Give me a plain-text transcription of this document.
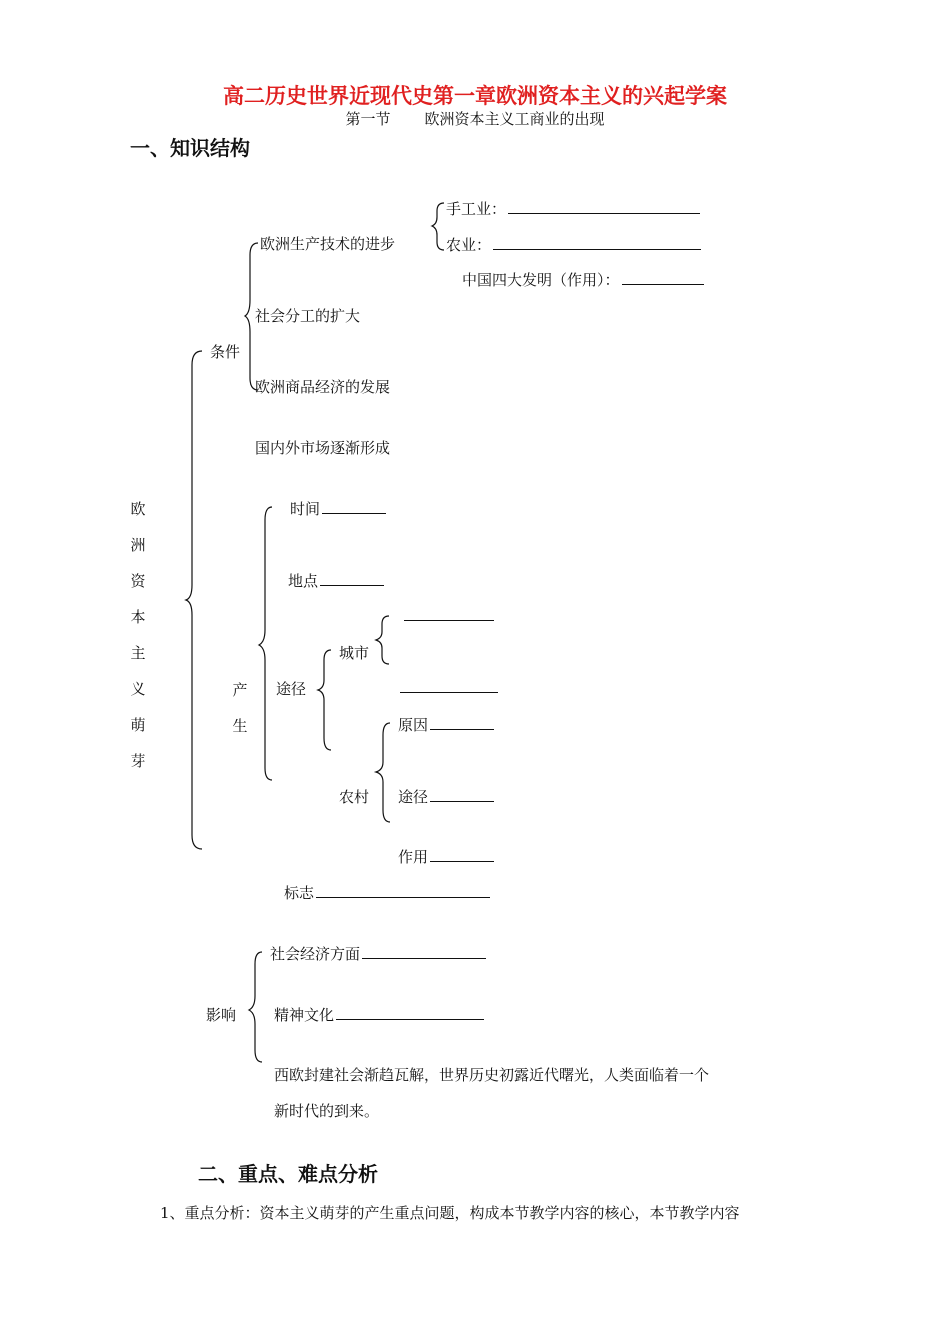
高二历史世界近现代史第一章欧洲资本主义的兴起学案
第一节 欧洲资本主义工商业的出现
一、知识结构
欧
洲
资
本
主
义
萌
芽
条件
欧洲生产技术的进步
手工业：
农业：
中国四大发明（作用）：
社会分工的扩大
欧洲商品经济的发展
国内外市场逐渐形成
产
生
时间
地点
途径
城市
农村
原因
途径
作用
标志
影响
社会经济方面
精神文化
西欧封建社会渐趋瓦解，世界历史初露近代曙光，人类面临着一个
新时代的到来。
二、重点、难点分析
1、重点分析：资本主义萌芽的产生重点问题，构成本节教学内容的核心，本节教学内容
